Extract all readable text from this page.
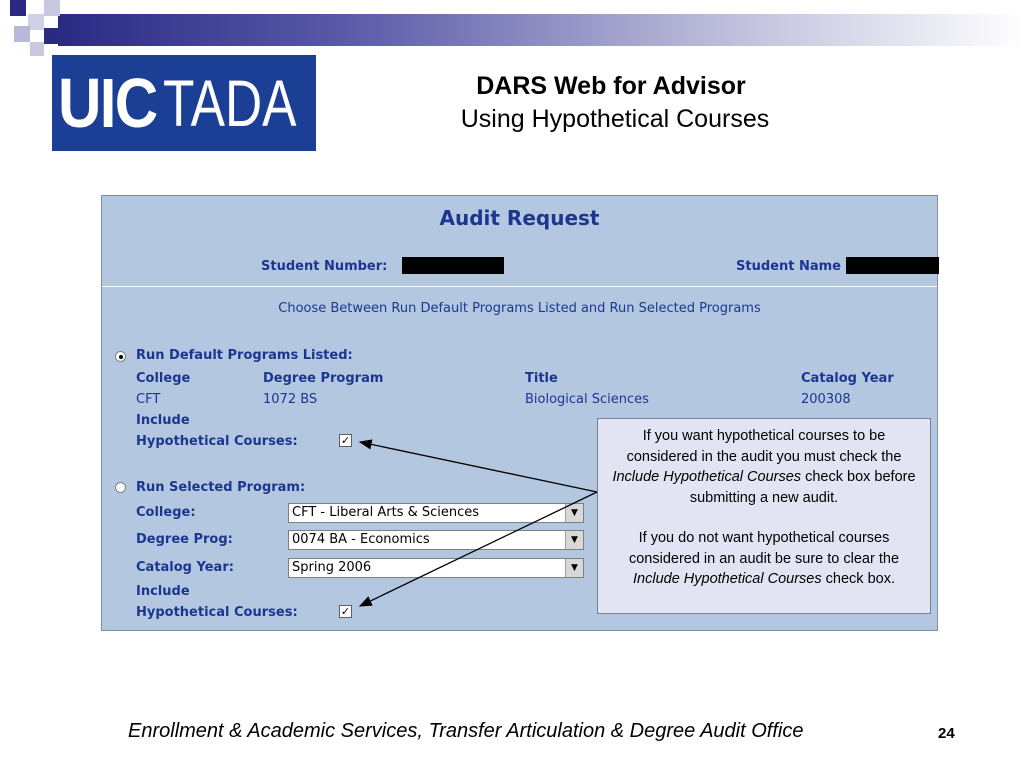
UIC TADA	DARS Web for Advisor
Using Hypothetical Courses
Audit Request
Student Number:	Student Name
Choose Between Run Default Programs Listed and Run Selected Programs
Run Default Programs Listed:
College	Degree Program	Title	Catalog Year
CFT	1072 BS	Biological Sciences	200308
Include
Hypothetical Courses:	✓
Run Selected Program:
College:	CFT - Liberal Arts & Sciences	▼
Degree Prog:	0074 BA - Economics	▼
Catalog Year:	Spring 2006	▼
Include
Hypothetical Courses:	✓

If you want hypothetical courses to be considered in the audit you must check the Include Hypothetical Courses check box before submitting a new audit.

If you do not want hypothetical courses considered in an audit be sure to clear the Include Hypothetical Courses check box.

Enrollment & Academic Services, Transfer Articulation & Degree Audit Office	24
